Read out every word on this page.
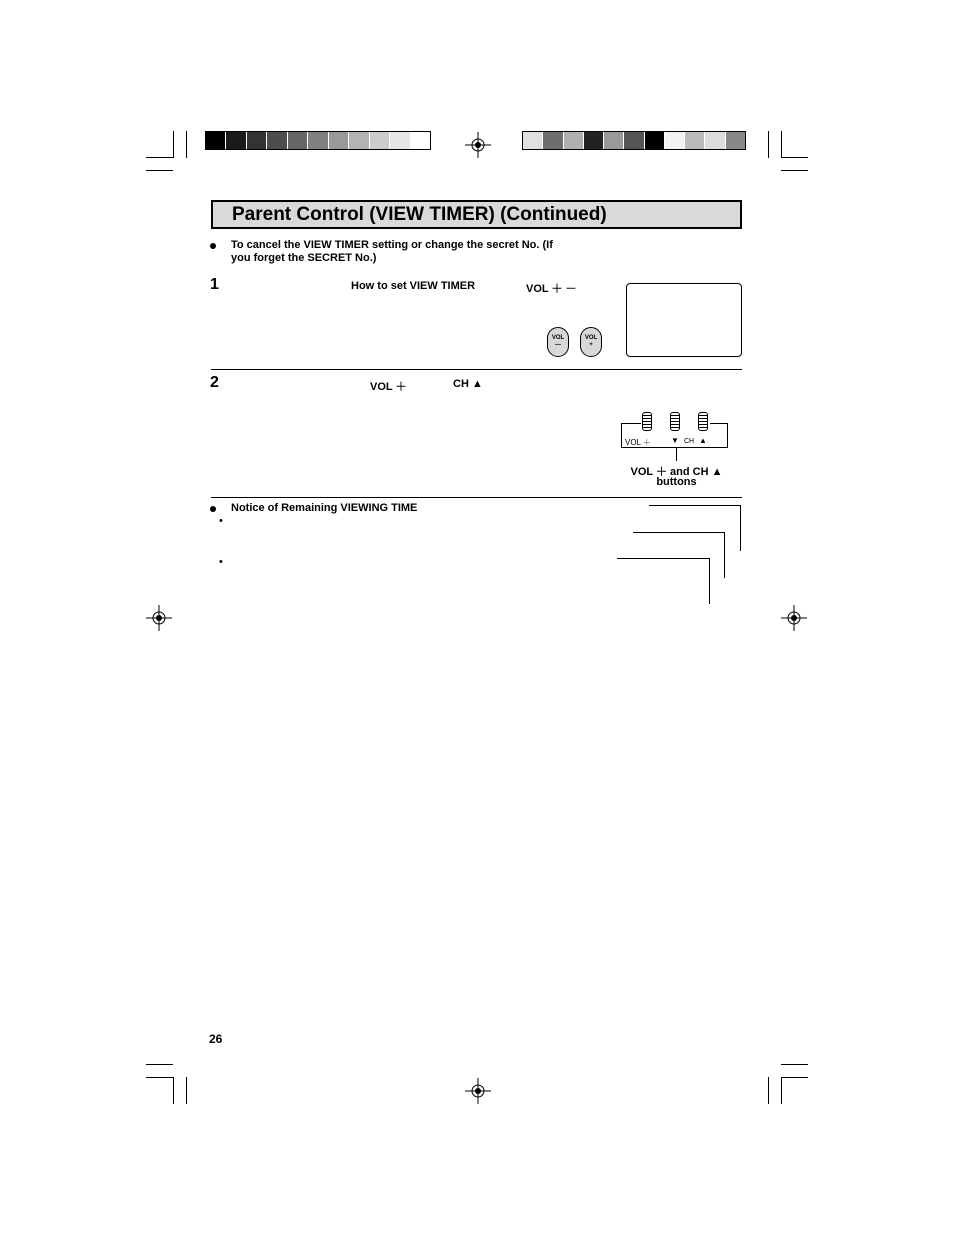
Parent Control (VIEW TIMER) (Continued)
To cancel the VIEW TIMER setting or change the secret No. (If
you forget the SECRET No.)
1	How to set VIEW TIMER	VOL ＋ －
VOL
—
VOL
+
2	VOL ＋	CH ▲
VOL ＋	▼ CH ▲
VOL ＋ and CH ▲
buttons
Notice of Remaining VIEWING TIME
•
•
26
